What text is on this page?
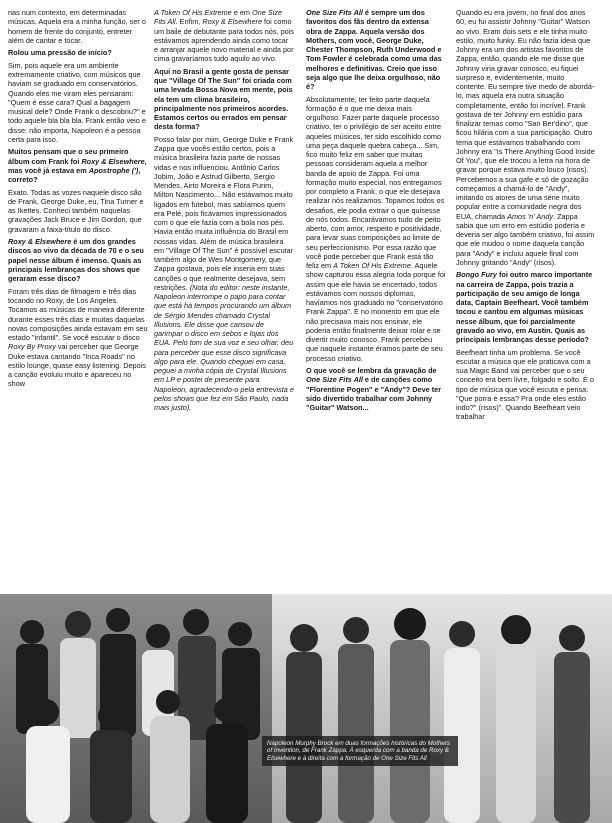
rias num contexto, em determinadas músicas. Aquela era a minha função, ser o homem de frente do conjunto, entreter além de cantar e tocar.

Rolou uma pressão de início?

Sim, pois aquele era um ambiente extremamente criativo, com músicos que haviam se graduado em conservatórios. Quando eles me viram eles pensaram: "Quem é esse cara? Qual a bagagem musical dele? Onde Frank o descobriu?" e todo aquele bla bla bla. Frank então veio e disse: não importa, Napoleon é a pessoa certa para isso.

Muitos pensam que o seu primeiro álbum com Frank foi Roxy & Elsewhere, mas você já estava em Apostrophe ('), correto?

Exato. Todas as vozes naquele disco são de Frank, George Duke, eu, Tina Turner e as Ikettes. Conheci também naquelas gravações Jack Bruce e Jim Gordon, que gravaram a faixa-título do disco.

Roxy & Elsewhere é um dos grandes discos ao vivo da década de 70 e o seu papel nesse álbum é imenso. Quais as principais lembranças dos shows que geraram esse disco?

Foram três dias de filmagem e três dias tocando no Roxy, de Los Angeles. Tocamos as músicas de maneira diferente durante esses três dias e muitas daquelas novas composições ainda estavam em seu estado "infantil". Se você escutar o disco Roxy By Proxy vai perceber que George Duke estava cantando "Inca Roads" no estilo lounge, quase easy listening. Depois a canção evoluiu muito e apareceu no show

A Token Of His Extreme e em One Size Fits All. Enfim, Roxy & Elsewhere foi como um baile de debutante para todos nós, pois estávamos aprendendo ainda como tocar e arranjar aquele novo material e ainda por cima gravaríamos tudo aquilo ao vivo.

Aqui no Brasil a gente gosta de pensar que "Village Of The Sun" foi criada com uma levada Bossa Nova em mente, pois ela tem um clima brasileiro, principalmente nos primeiros acordes. Estamos certos ou errados em pensar desta forma?

Posso falar por mim, George Duke e Frank Zappa que vocês estão certos, pois a música brasileira fazia parte de nossas vidas e nos influenciou. Antônio Carlos Jobim, João e Astrud Gilberto, Sergio Mendes, Airto Moreira e Flora Purim, Milton Nascimento... Não estávamos muito ligados em futebol, mas sabíamos quem era Pelé, pois ficávamos impressionados com o que ele fazia com a bola nos pés. Havia então muita influência do Brasil em nossas vidas. Além de música brasileira em "Village Of The Sun" é possível escutar também algo de Wes Montgomery, que Zappa gostava, pois ele inseria em suas canções o que realmente desejava, sem restrições. (Nota do editor: neste instante, Napoleon interrompe o papo para contar que está há tempos procurando um álbum de Sérgio Mendes chamado Crystal Illusions. Ele disse que cansou de garimpar o disco em sebos e lojas dos EUA. Pelo tom de sua voz e seu olhar, deu para perceber que esse disco significava algo para ele. Quando cheguei em casa, peguei a minha cópia de Crystal Illusions em LP e postei de presente para Napoleon, agradecendo-o pela entrevista e pelos shows que fez em São Paulo, nada mais justo).

One Size Fits All é sempre um dos favoritos dos fãs dentro da extensa obra de Zappa. Aquela versão dos Mothers, com você, George Duke, Chester Thompson, Ruth Underwood e Tom Fowler é celebrada como uma das melhores e definitivas. Creio que isso seja algo que lhe deixa orgulhoso, não é?

Absolutamente, ter feito parte daquela formação é o que me deixa mais orgulhoso. Fazer parte daquele processo criativo, ter o privilégio de ser aceito entre aqueles músicos, ter sido escolhido como uma peça daquele quebra cabeça... Sim, fico muito feliz em saber que muitas pessoas consideram aquela a melhor banda de apoio de Zappa. Foi uma formação muito especial, nos entregamos por completo a Frank, o que ele desejava realizar nós realizamos. Topamos todos os desafios, ele podia extrair o que quisesse de nós todos. Encarávamos tudo de peito aberto, com amor, respeito e positividade, para levar suas composições ao limite de seu perfeccionismo. Por essa razão que você pode perceber que Frank está tão feliz em A Token Of His Extreme. Aquele show capturou essa alegria toda porque foi assim que ele havia se encerrado, todos estávamos com nossos diplomas, havíamos nos graduado no "conservatório Frank Zappa". E no momento em que ele não precisava mais nos ensinar, ele poderia então finalmente deixar rolar e se divertir muito conosco. Frank percebeu que naquele instante éramos parte de seu processo criativo.

O que você se lembra da gravação de One Size Fits All e de canções como "Florentine Pogen" e "Andy"? Deve ter sido divertido trabalhar com Johnny "Guitar" Watson...

Quando eu era jovem, no final dos anos 60, eu fui assistir Johnny "Guitar" Watson ao vivo. Eram dois sets e ele tinha muito estilo, muito funky. Eu não fazia ideia que Johnny era um dos artistas favoritos de Zappa, então, quando ele me disse que Johnny viria gravar conosco, eu fiquei surpreso e, evidentemente, muito contente. Eu sempre tive medo de abordá-lo, mas aquela era outra situação completamente, então foi incrível. Frank gostava de ter Johnny em estúdio para finalizar temas como "San Ber'dino", que ficou hilária com a sua participação. Outro tema que estávamos trabalhando com Johnny era "Is There Anything Good Inside Of You", que ele trocou a letra na hora de gravar porque estava muito louco (risos). Percebemos a sua gafe e só de gozação começamos a chamá-lo de "Andy", imitando os atores de uma série muito popular entre a comunidade negra dos EUA, chamada Amos 'n' Andy. Zappa sabia que um erro em estúdio poderia e deveria ser algo também criativo, foi assim que ele mudou o nome daquela canção para "Andy" e incluiu aquele final com Johnny gritando "Andy" (risos).

Bongo Fury foi outro marco importante na carreira de Zappa, pois trazia a participação de seu amigo de longa data, Captain Beefheart. Você também tocou e cantou em algumas músicas nesse álbum, que foi parcialmente gravado ao vivo, em Austin. Quais as principais lembranças desse período?

Beefheart tinha um problema. Se você escutar a música que ele praticava com a sua Magic Band vai perceber que o seu conceito era bem livre, folgado e solto. É o tipo de música que você escuta e pensa: "Que porra é essa? Pra onde eles estão indo?" (risos)". Quando Beefheart veio trabalhar

Napoleon Murphy Brock em duas formações históricas do Mothers of Invention, de Frank Zappa. À esquerda com a banda de Roxy & Elsewhere e à direita com a formação de One Size Fits All
